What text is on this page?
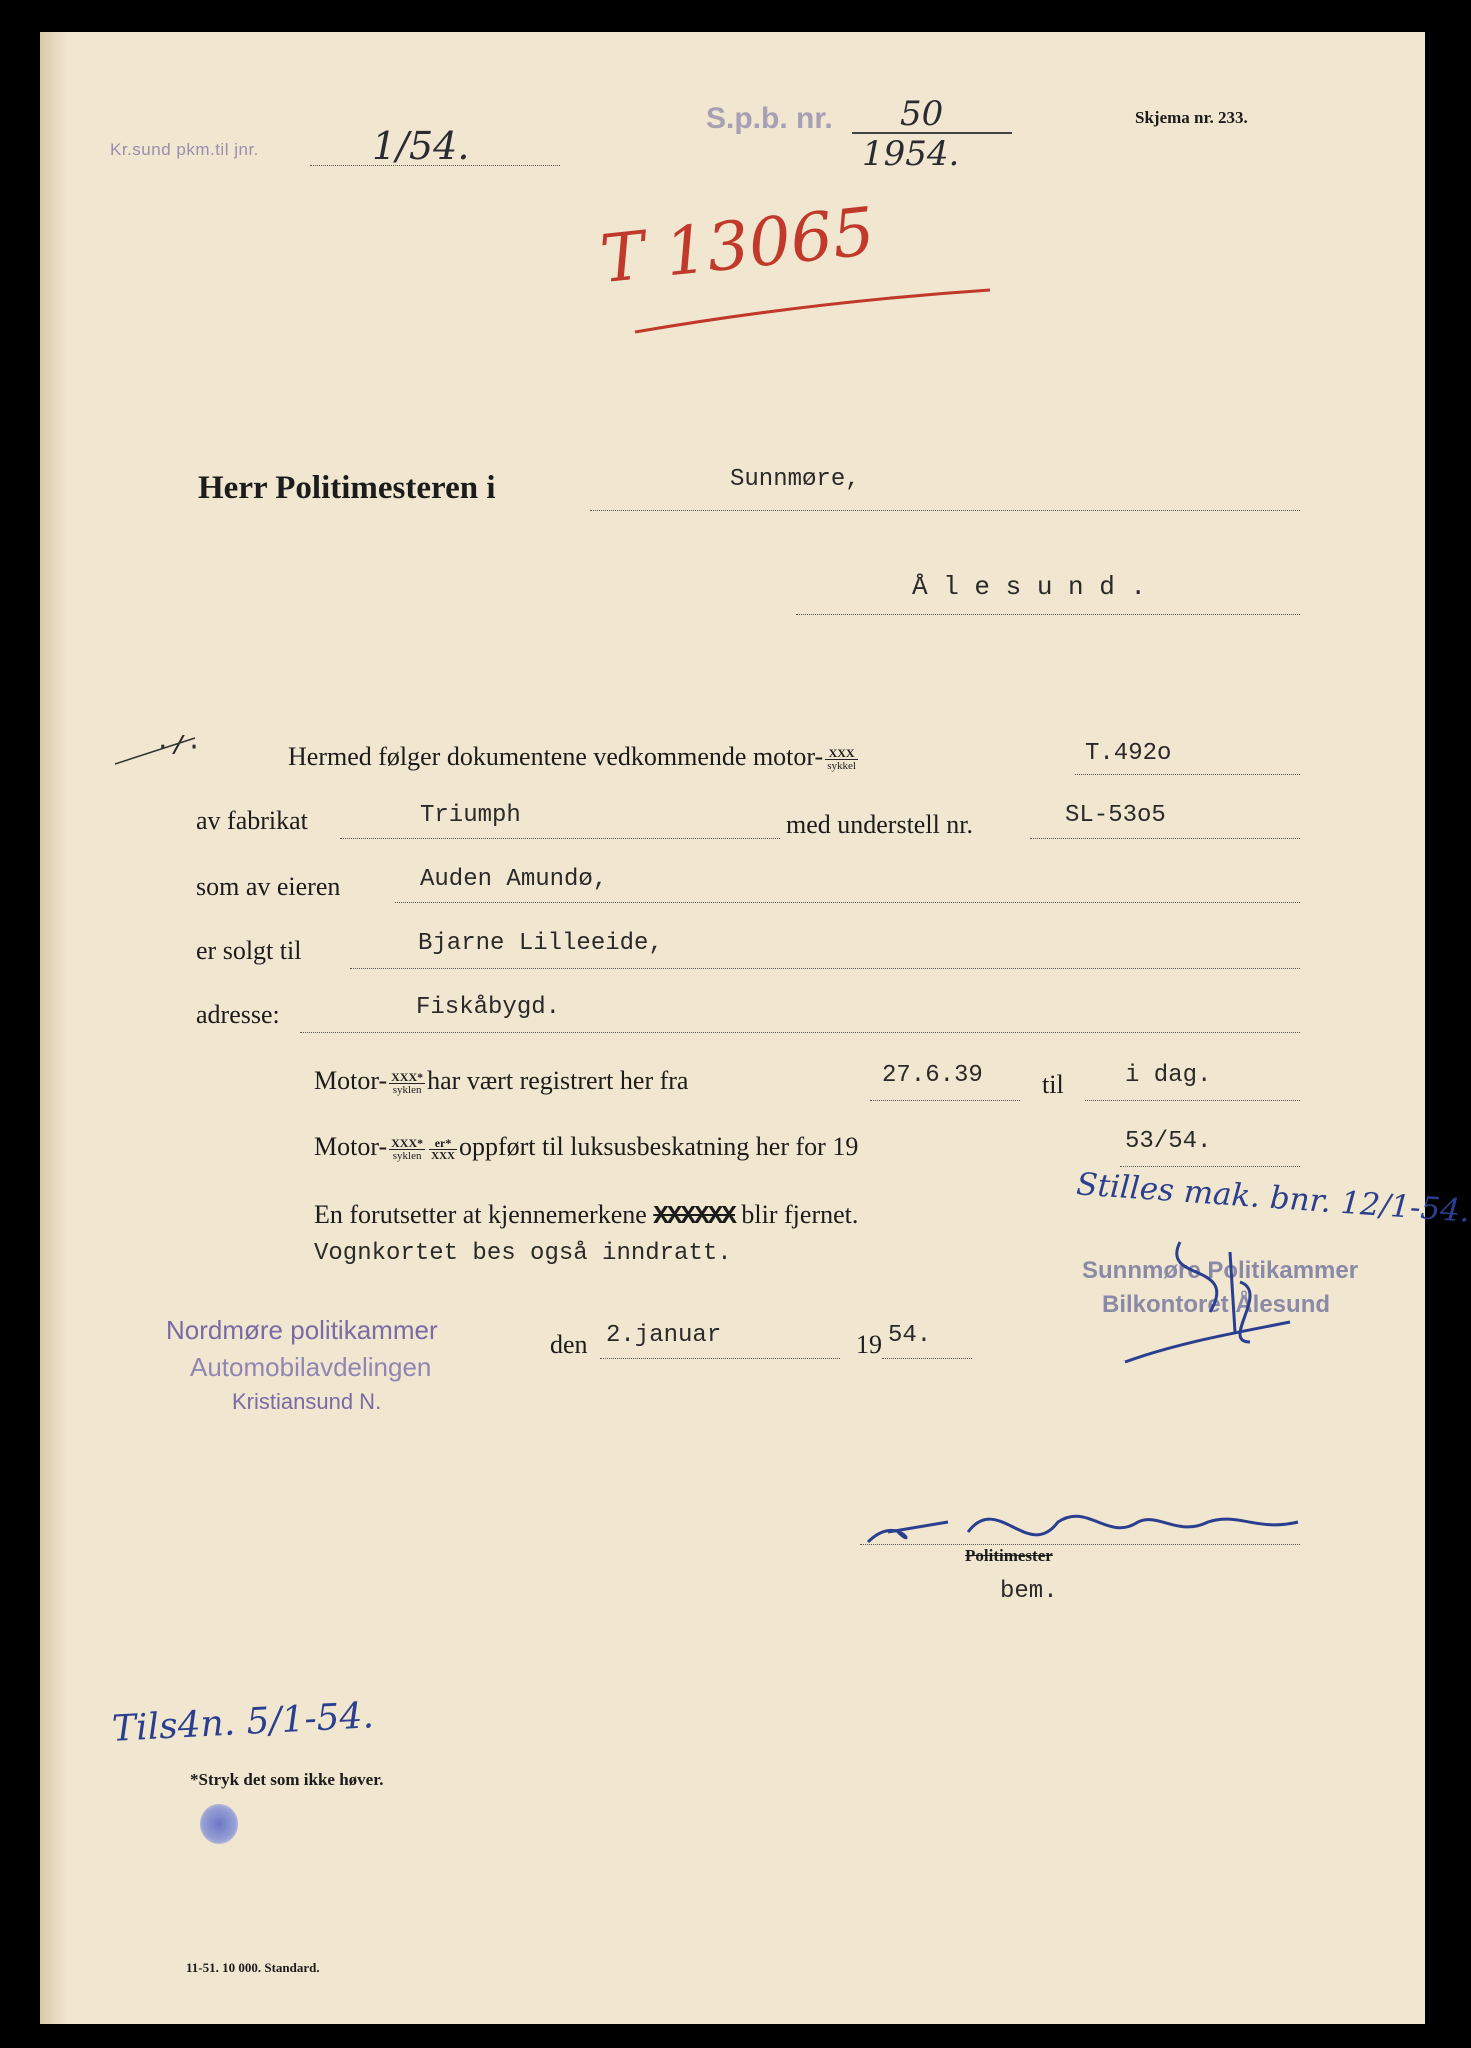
Kr.sund pkm.til jnr.	1/54.
S.p.b. nr. 50
1954.
Skjema nr. 233.
T 13065
Herr Politimesteren i	Sunnmøre,
Å l e s u n d .
·/·	Hermed følger dokumentene vedkommende motor- $\frac{\text{XXX}}{\text{sykkel}}$	T.492o
av fabrikat	Triumph	med understell nr.	SL-53o5
som av eieren	Auden Amundø,
er solgt til	Bjarne Lilleeide,
adresse:	Fiskåbygd.
Motor- $\frac{\text{XXX*}}{\text{syklen}}$ har vært registrert her fra	27.6.39 til	i dag.
Motor- $\frac{\text{XXX*}}{\text{syklen}} \frac{er*}{\text{XXX}}$ oppført til luksusbeskatning her for 19	53/54.
En forutsetter at kjennemerkene XXXXXX blir fjernet.
Vognkortet bes også inndratt.
Stilles mak. bnr. 12/1-54.
Sunnmøre Politikammer
Bilkontoret Ålesund
Nordmøre politikammer
Automobilavdelingen
Kristiansund N.
den 2.januar	19 54.
Politimester
bem.
Tils4n. 5/1-54.
*Stryk det som ikke høver.
11-51. 10 000. Standard.
